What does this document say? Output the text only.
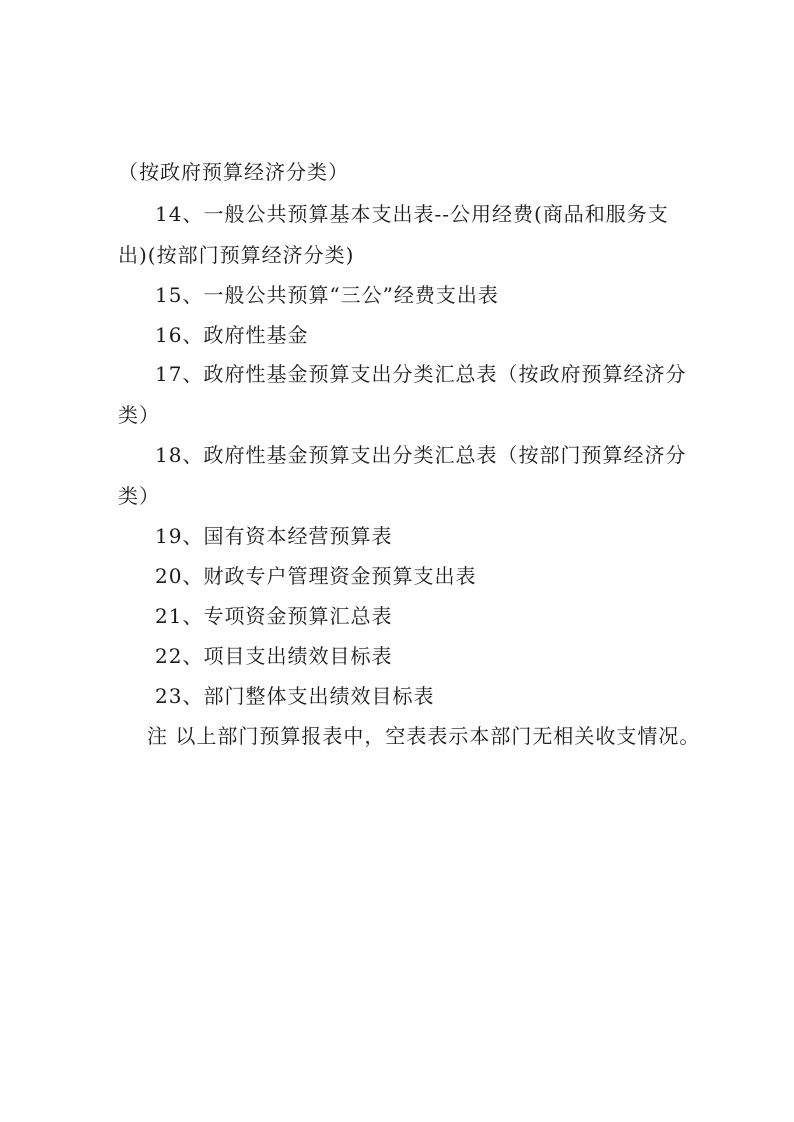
（按政府预算经济分类）
14、一般公共预算基本支出表--公用经费(商品和服务支
出)(按部门预算经济分类)
15、一般公共预算“三公”经费支出表
16、政府性基金
17、政府性基金预算支出分类汇总表（按政府预算经济分
类）
18、政府性基金预算支出分类汇总表（按部门预算经济分
类）
19、国有资本经营预算表
20、财政专户管理资金预算支出表
21、专项资金预算汇总表
22、项目支出绩效目标表
23、部门整体支出绩效目标表
注 以上部门预算报表中，空表表示本部门无相关收支情况。
